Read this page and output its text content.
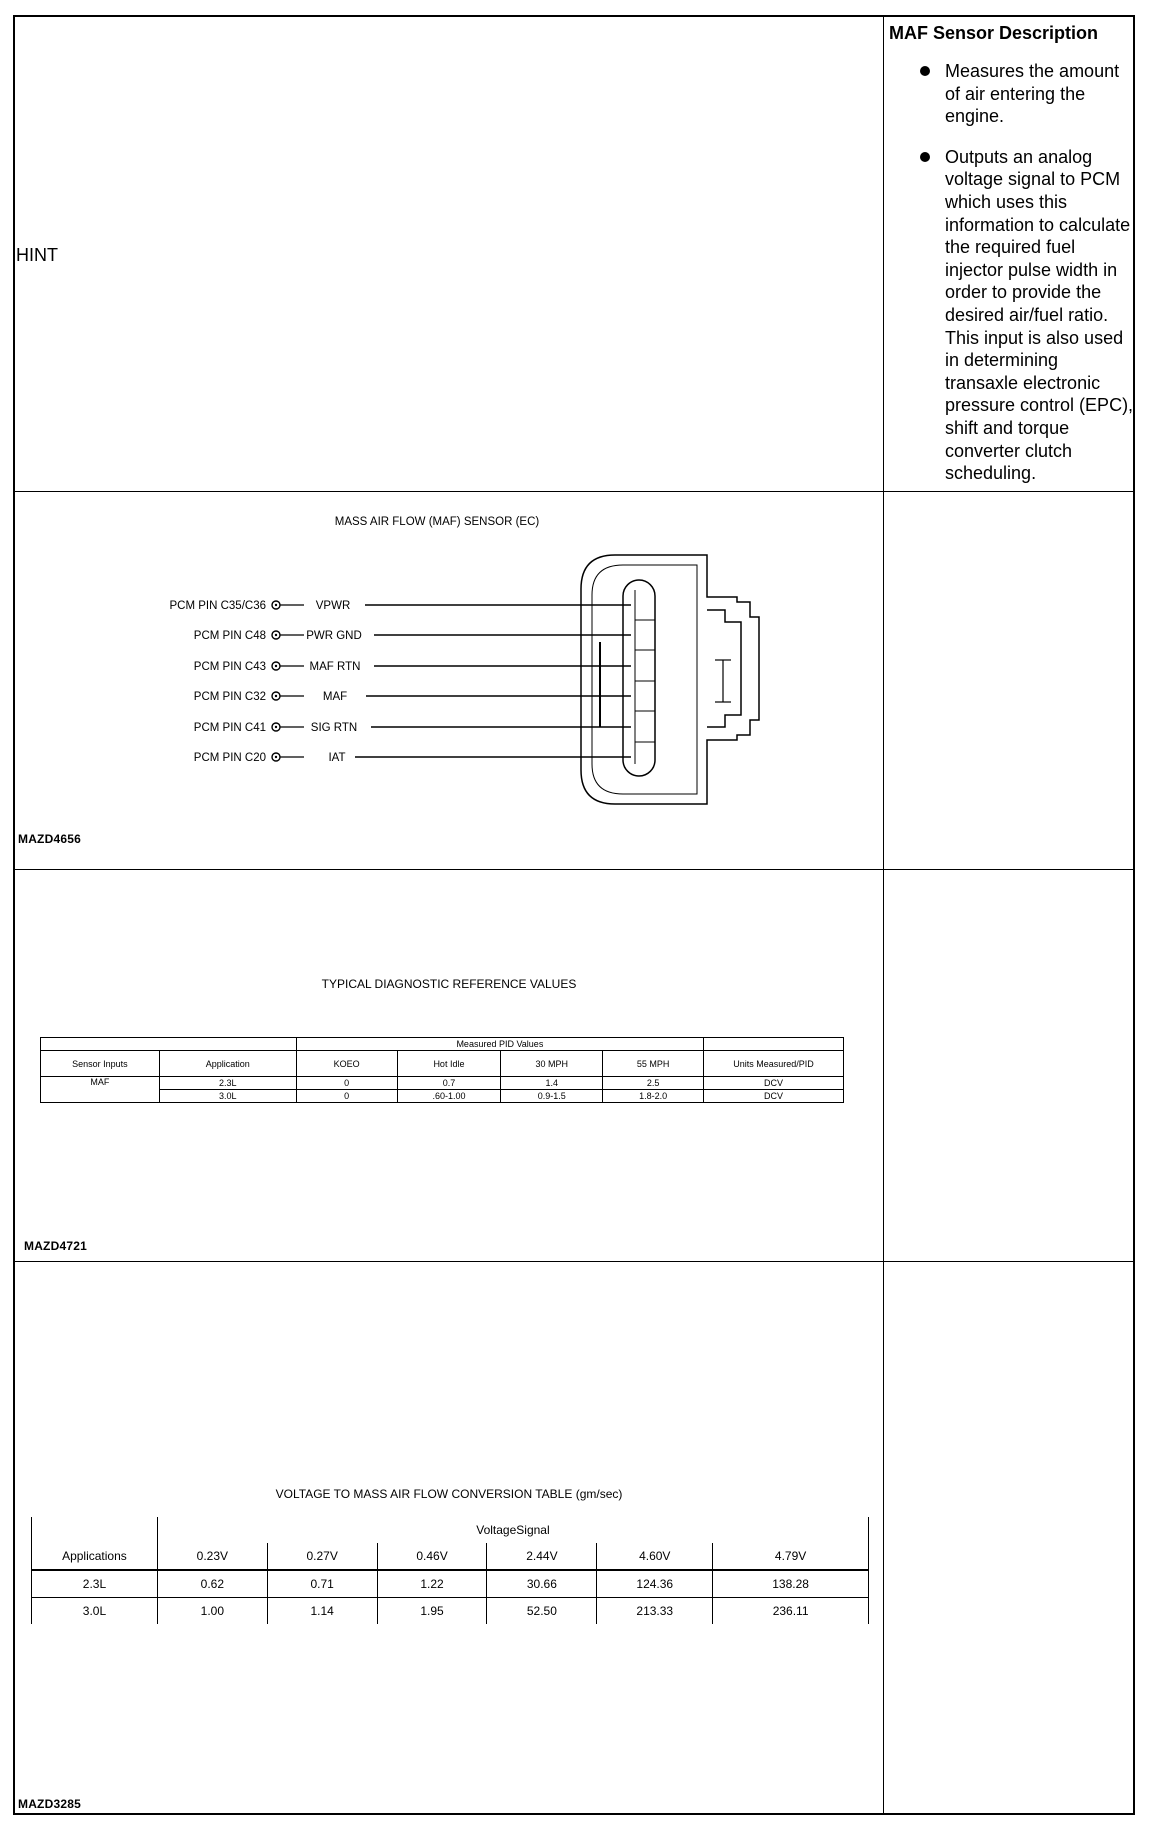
HINT
MAF Sensor Description
Measures the amount of air entering the engine.
Outputs an analog voltage signal to PCM which uses this information to calculate the required fuel injector pulse width in order to provide the desired air/fuel ratio. This input is also used in determining transaxle electronic pressure control (EPC), shift and torque converter clutch scheduling.
MASS AIR FLOW (MAF) SENSOR (EC)
PCM PIN C35/C36	VPWR
PCM PIN C48	PWR GND
PCM PIN C43	MAF RTN
PCM PIN C32	MAF
PCM PIN C41	SIG RTN
PCM PIN C20	IAT
MAZD4656
TYPICAL DIAGNOSTIC REFERENCE VALUES
		Measured PID Values				
Sensor Inputs	Application	KOEO	Hot Idle	30 MPH	55 MPH	Units Measured/PID
MAF	2.3L	0	0.7	1.4	2.5	DCV
	3.0L	0	.60-1.00	0.9-1.5	1.8-2.0	DCV
MAZD4721
VOLTAGE TO MASS AIR FLOW CONVERSION TABLE (gm/sec)
	VoltageSignal					
Applications	0.23V	0.27V	0.46V	2.44V	4.60V	4.79V
2.3L	0.62	0.71	1.22	30.66	124.36	138.28
3.0L	1.00	1.14	1.95	52.50	213.33	236.11
MAZD3285
